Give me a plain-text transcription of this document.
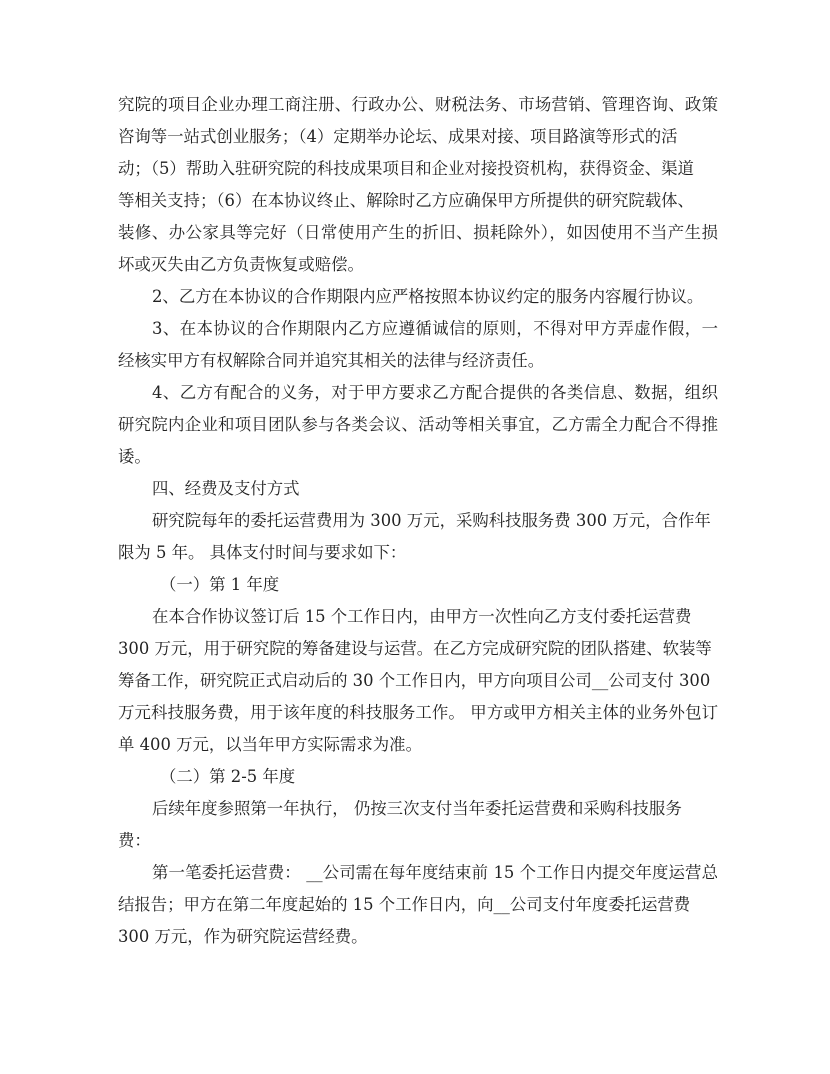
究院的项目企业办理工商注册、行政办公、财税法务、市场营销、管理咨询、政策
咨询等一站式创业服务；（4）定期举办论坛、成果对接、项目路演等形式的活
动；（5）帮助入驻研究院的科技成果项目和企业对接投资机构，获得资金、渠道
等相关支持；（6）在本协议终止、解除时乙方应确保甲方所提供的研究院载体、
装修、办公家具等完好（日常使用产生的折旧、损耗除外），如因使用不当产生损
坏或灭失由乙方负责恢复或赔偿。
2、乙方在本协议的合作期限内应严格按照本协议约定的服务内容履行协议。
3、在本协议的合作期限内乙方应遵循诚信的原则，不得对甲方弄虚作假，一
经核实甲方有权解除合同并追究其相关的法律与经济责任。
4、乙方有配合的义务，对于甲方要求乙方配合提供的各类信息、数据，组织
研究院内企业和项目团队参与各类会议、活动等相关事宜，乙方需全力配合不得推
诿。
四、经费及支付方式
研究院每年的委托运营费用为 300 万元，采购科技服务费 300 万元，合作年
限为 5 年。 具体支付时间与要求如下：
（一）第 1 年度
在本合作协议签订后 15 个工作日内，由甲方一次性向乙方支付委托运营费
300 万元，用于研究院的筹备建设与运营。在乙方完成研究院的团队搭建、软装等
筹备工作，研究院正式启动后的 30 个工作日内，甲方向项目公司__公司支付 300
万元科技服务费，用于该年度的科技服务工作。 甲方或甲方相关主体的业务外包订
单 400 万元，以当年甲方实际需求为准。
（二）第 2-5 年度
后续年度参照第一年执行， 仍按三次支付当年委托运营费和采购科技服务
费：
第一笔委托运营费： __公司需在每年度结束前 15 个工作日内提交年度运营总
结报告；甲方在第二年度起始的 15 个工作日内，向__公司支付年度委托运营费
300 万元，作为研究院运营经费。
